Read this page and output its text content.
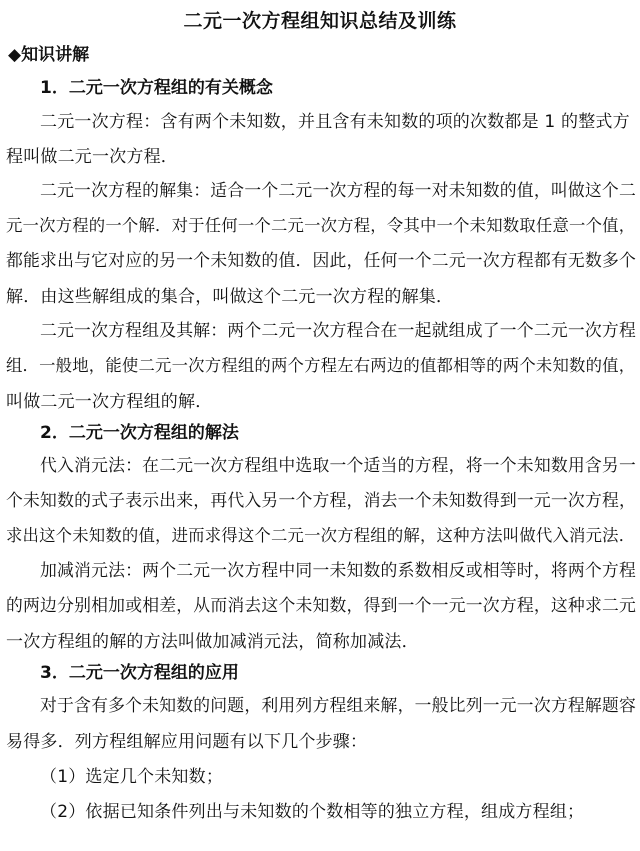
二元一次方程组知识总结及训练
◆知识讲解
1．二元一次方程组的有关概念
二元一次方程：含有两个未知数，并且含有未知数的项的次数都是 1 的整式方
程叫做二元一次方程．
二元一次方程的解集：适合一个二元一次方程的每一对未知数的值，叫做这个二
元一次方程的一个解．对于任何一个二元一次方程，令其中一个未知数取任意一个值，
都能求出与它对应的另一个未知数的值．因此，任何一个二元一次方程都有无数多个
解．由这些解组成的集合，叫做这个二元一次方程的解集．
二元一次方程组及其解：两个二元一次方程合在一起就组成了一个二元一次方程
组．一般地，能使二元一次方程组的两个方程左右两边的值都相等的两个未知数的值，
叫做二元一次方程组的解．
2．二元一次方程组的解法
代入消元法：在二元一次方程组中选取一个适当的方程，将一个未知数用含另一
个未知数的式子表示出来，再代入另一个方程，消去一个未知数得到一元一次方程，
求出这个未知数的值，进而求得这个二元一次方程组的解，这种方法叫做代入消元法．
加减消元法：两个二元一次方程中同一未知数的系数相反或相等时，将两个方程
的两边分别相加或相差，从而消去这个未知数，得到一个一元一次方程，这种求二元
一次方程组的解的方法叫做加减消元法，简称加减法．
3．二元一次方程组的应用
对于含有多个未知数的问题，利用列方程组来解，一般比列一元一次方程解题容
易得多．列方程组解应用问题有以下几个步骤：
（1）选定几个未知数；
（2）依据已知条件列出与未知数的个数相等的独立方程，组成方程组；
